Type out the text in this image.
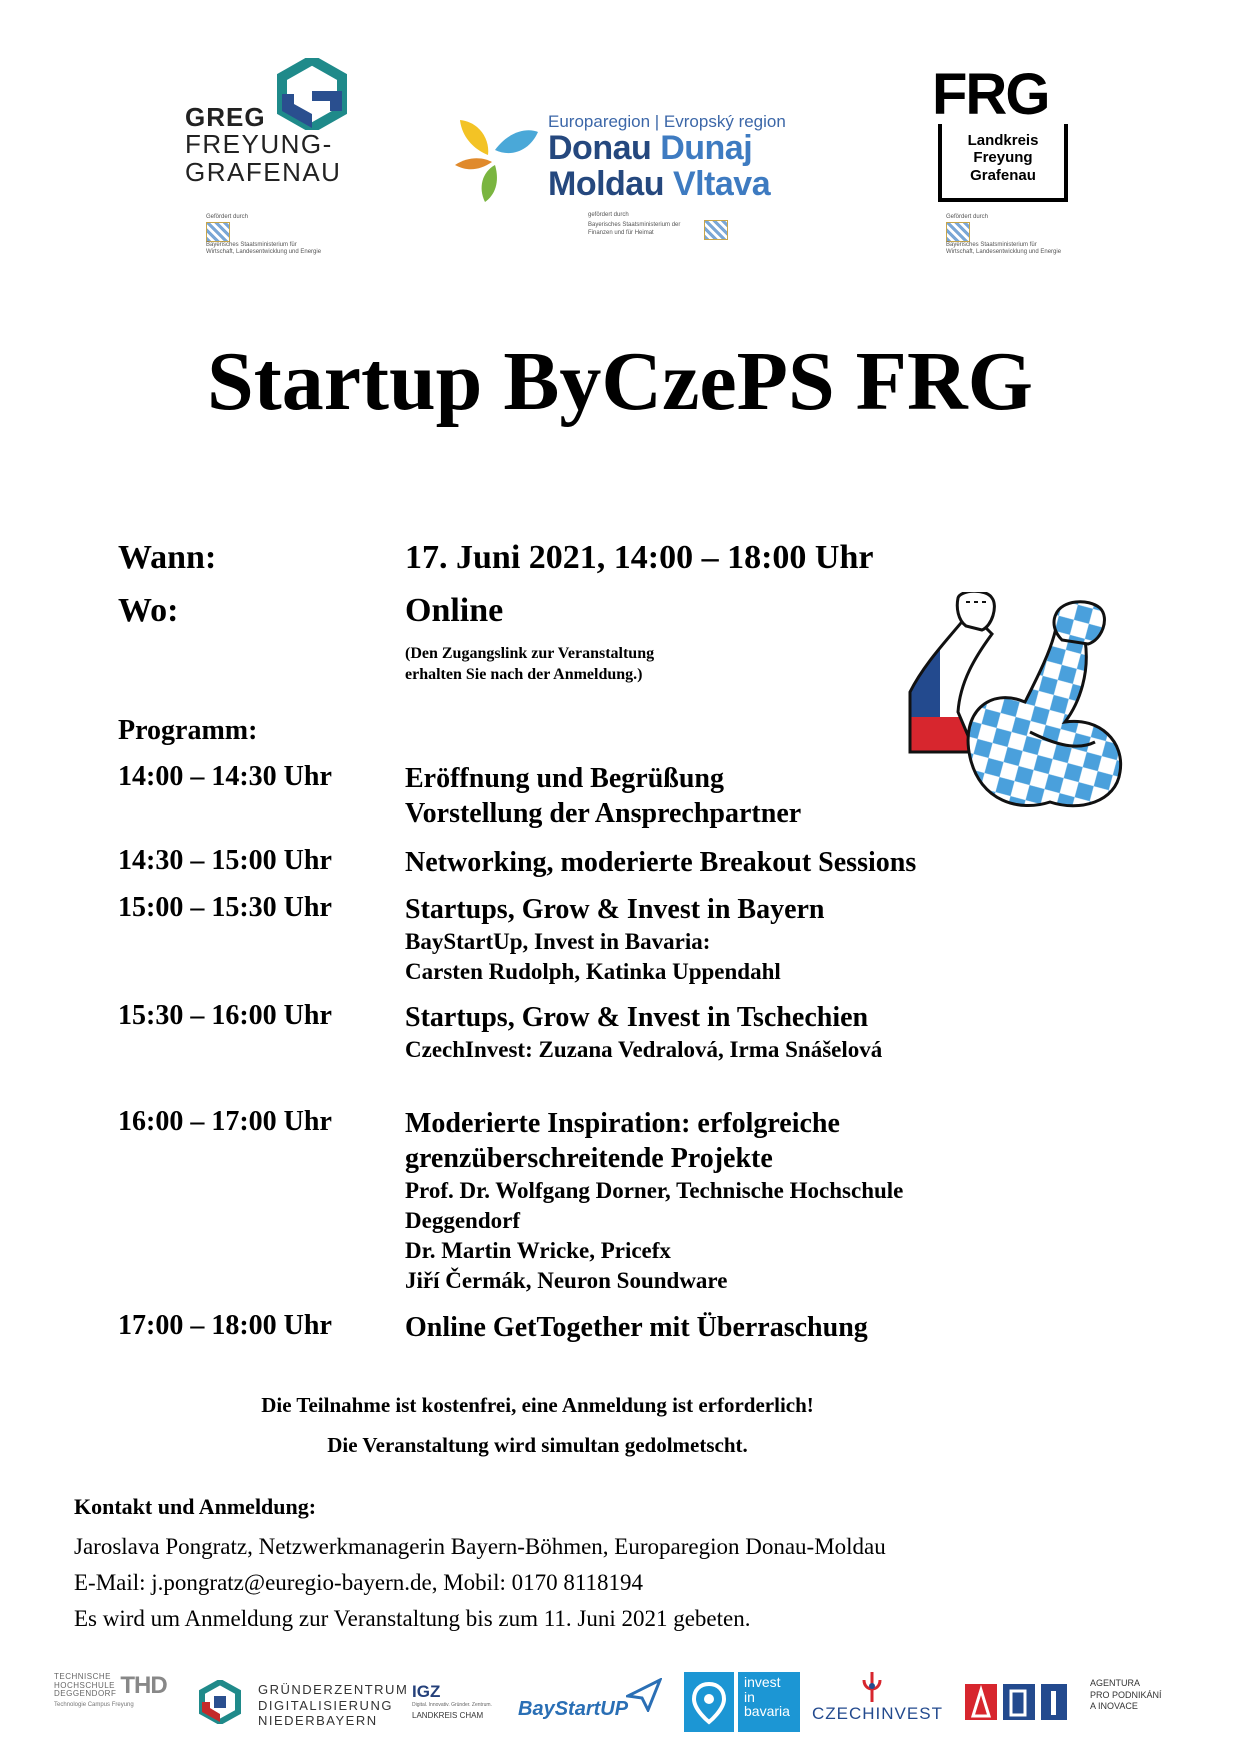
GREG
FREYUNG-
GRAFENAU
Gefördert durch
Bayerisches Staatsministerium für Wirtschaft, Landesentwicklung und Energie
Europaregion | Evropský region
Donau Dunaj
Moldau Vltava
gefördert durch
Bayerisches Staatsministerium der Finanzen und für Heimat
FRG
Landkreis
Freyung
Grafenau
Gefördert durch
Bayerisches Staatsministerium für Wirtschaft, Landesentwicklung und Energie
Startup ByCzePS FRG
Wann:	17. Juni 2021, 14:00 – 18:00 Uhr
Wo:	Online
(Den Zugangslink zur Veranstaltung
erhalten Sie nach der Anmeldung.)
Programm:
14:00 – 14:30 Uhr	Eröffnung und Begrüßung
Vorstellung der Ansprechpartner
14:30 – 15:00 Uhr	Networking, moderierte Breakout Sessions
15:00 – 15:30 Uhr	Startups, Grow & Invest in Bayern
BayStartUp, Invest in Bavaria:
Carsten Rudolph, Katinka Uppendahl
15:30 – 16:00 Uhr	Startups, Grow & Invest in Tschechien
CzechInvest: Zuzana Vedralová, Irma Snášelová
16:00 – 17:00 Uhr	Moderierte Inspiration: erfolgreiche
grenzüberschreitende Projekte
Prof. Dr. Wolfgang Dorner, Technische Hochschule
Deggendorf
Dr. Martin Wricke, Pricefx
Jiří Čermák, Neuron Soundware
17:00 – 18:00 Uhr	Online GetTogether mit Überraschung
Die Teilnahme ist kostenfrei, eine Anmeldung ist erforderlich!
Die Veranstaltung wird simultan gedolmetscht.
Kontakt und Anmeldung:
Jaroslava Pongratz, Netzwerkmanagerin Bayern-Böhmen, Europaregion Donau-Moldau
E-Mail: j.pongratz@euregio-bayern.de, Mobil: 0170 8118194
Es wird um Anmeldung zur Veranstaltung bis zum 11. Juni 2021 gebeten.
TECHNISCHE
HOCHSCHULE
DEGGENDORF THD
Technologie Campus Freyung
GRÜNDERZENTRUM
DIGITALISIERUNG
NIEDERBAYERN
IGZ
Digital. Innovativ. Gründer. Zentrum.
LANDKREIS CHAM	BayStartUP
invest
in
bavaria	CZECHINVEST
AGENTURA
PRO PODNIKÁNÍ
A INOVACE
